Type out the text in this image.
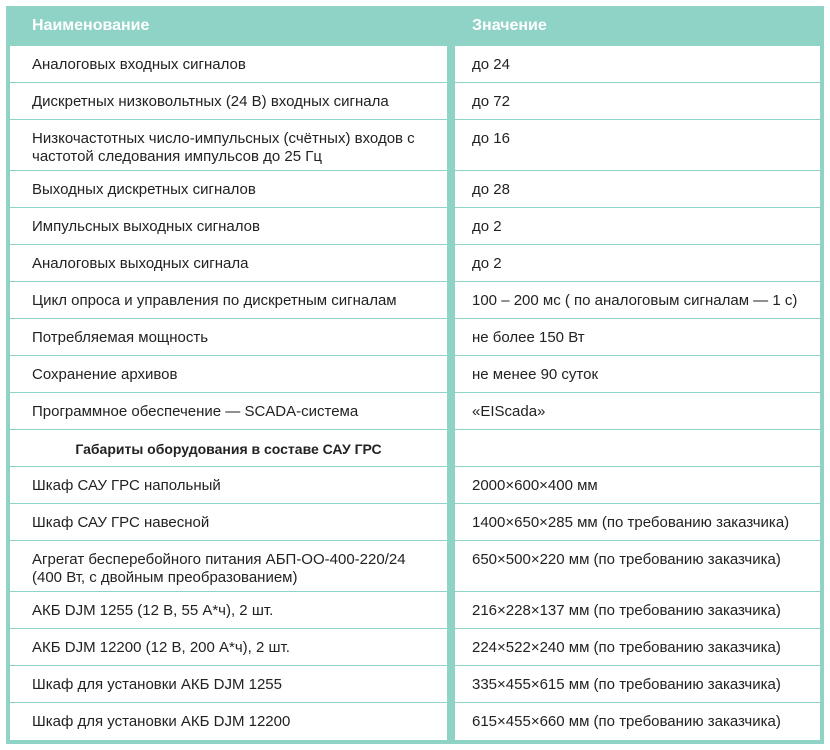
Наименование	Значение
Аналоговых входных сигналов
Дискретных низковольтных (24 В) входных сигнала
Низкочастотных число-импульсных (счётных) входов с частотой следования импульсов до 25 Гц
Выходных дискретных сигналов
Импульсных выходных сигналов
Аналоговых выходных сигнала
Цикл опроса и управления по дискретным сигналам
Потребляемая мощность
Сохранение архивов
Программное обеспечение — SCADA-система
Габариты оборудования в составе САУ ГРС
Шкаф САУ ГРС напольный
Шкаф САУ ГРС навесной
Агрегат бесперебойного питания АБП-ОО-400-220/24 (400 Вт, с двойным преобразованием)
АКБ DJM 1255 (12 В, 55 А*ч), 2 шт.
АКБ DJM 12200 (12 В, 200 А*ч), 2 шт.
Шкаф для установки АКБ DJM 1255
Шкаф для установки АКБ DJM 12200
до 24
до 72
до 16
до 28
до 2
до 2
100 – 200 мс ( по аналоговым сигналам — 1 с)
не более 150 Вт
не менее 90 суток
«EIScada»
2000×600×400 мм
1400×650×285 мм (по требованию заказчика)
650×500×220 мм (по требованию заказчика)
216×228×137 мм (по требованию заказчика)
224×522×240 мм (по требованию заказчика)
335×455×615 мм (по требованию заказчика)
615×455×660 мм (по требованию заказчика)
